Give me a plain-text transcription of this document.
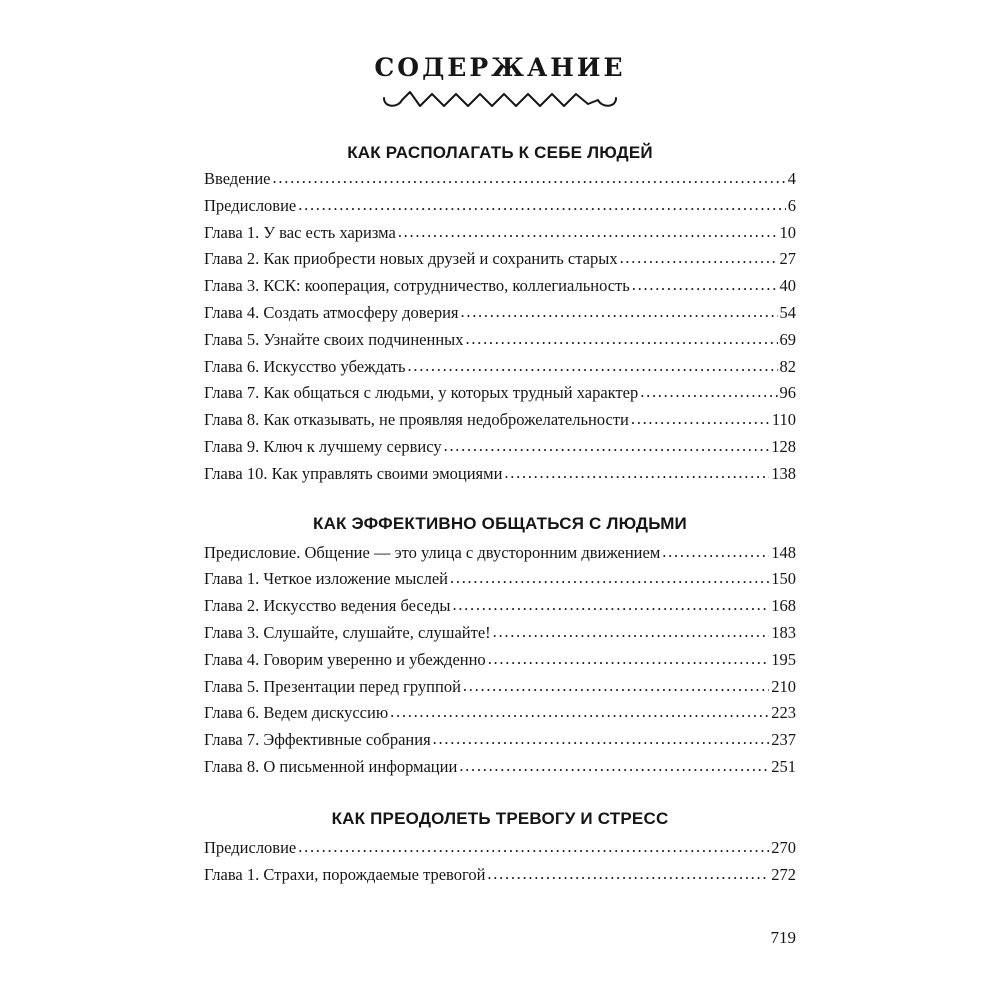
СОДЕРЖАНИЕ
КАК РАСПОЛАГАТЬ К СЕБЕ ЛЮДЕЙ
Введение . . .	4
Предисловие . . .	6
Глава 1. У вас есть харизма . . .	10
Глава 2. Как приобрести новых друзей и сохранить старых . . .	27
Глава 3. КСК: кооперация, сотрудничество, коллегиальность . . .	40
Глава 4. Создать атмосферу доверия . . .	54
Глава 5. Узнайте своих подчиненных . . .	69
Глава 6. Искусство убеждать . . .	82
Глава 7. Как общаться с людьми, у которых трудный характер . . .	96
Глава 8. Как отказывать, не проявляя недоброжелательности . . .	110
Глава 9. Ключ к лучшему сервису . . .	128
Глава 10. Как управлять своими эмоциями . . .	138
КАК ЭФФЕКТИВНО ОБЩАТЬСЯ С ЛЮДЬМИ
Предисловие. Общение — это улица с двусторонним движением . . .	148
Глава 1. Четкое изложение мыслей . . .	150
Глава 2. Искусство ведения беседы . . .	168
Глава 3. Слушайте, слушайте, слушайте! . . .	183
Глава 4. Говорим уверенно и убежденно . . .	195
Глава 5. Презентации перед группой . . .	210
Глава 6. Ведем дискуссию . . .	223
Глава 7. Эффективные собрания . . .	237
Глава 8. О письменной информации . . .	251
КАК ПРЕОДОЛЕТЬ ТРЕВОГУ И СТРЕСС
Предисловие . . .	270
Глава 1. Страхи, порождаемые тревогой . . .	272
719
